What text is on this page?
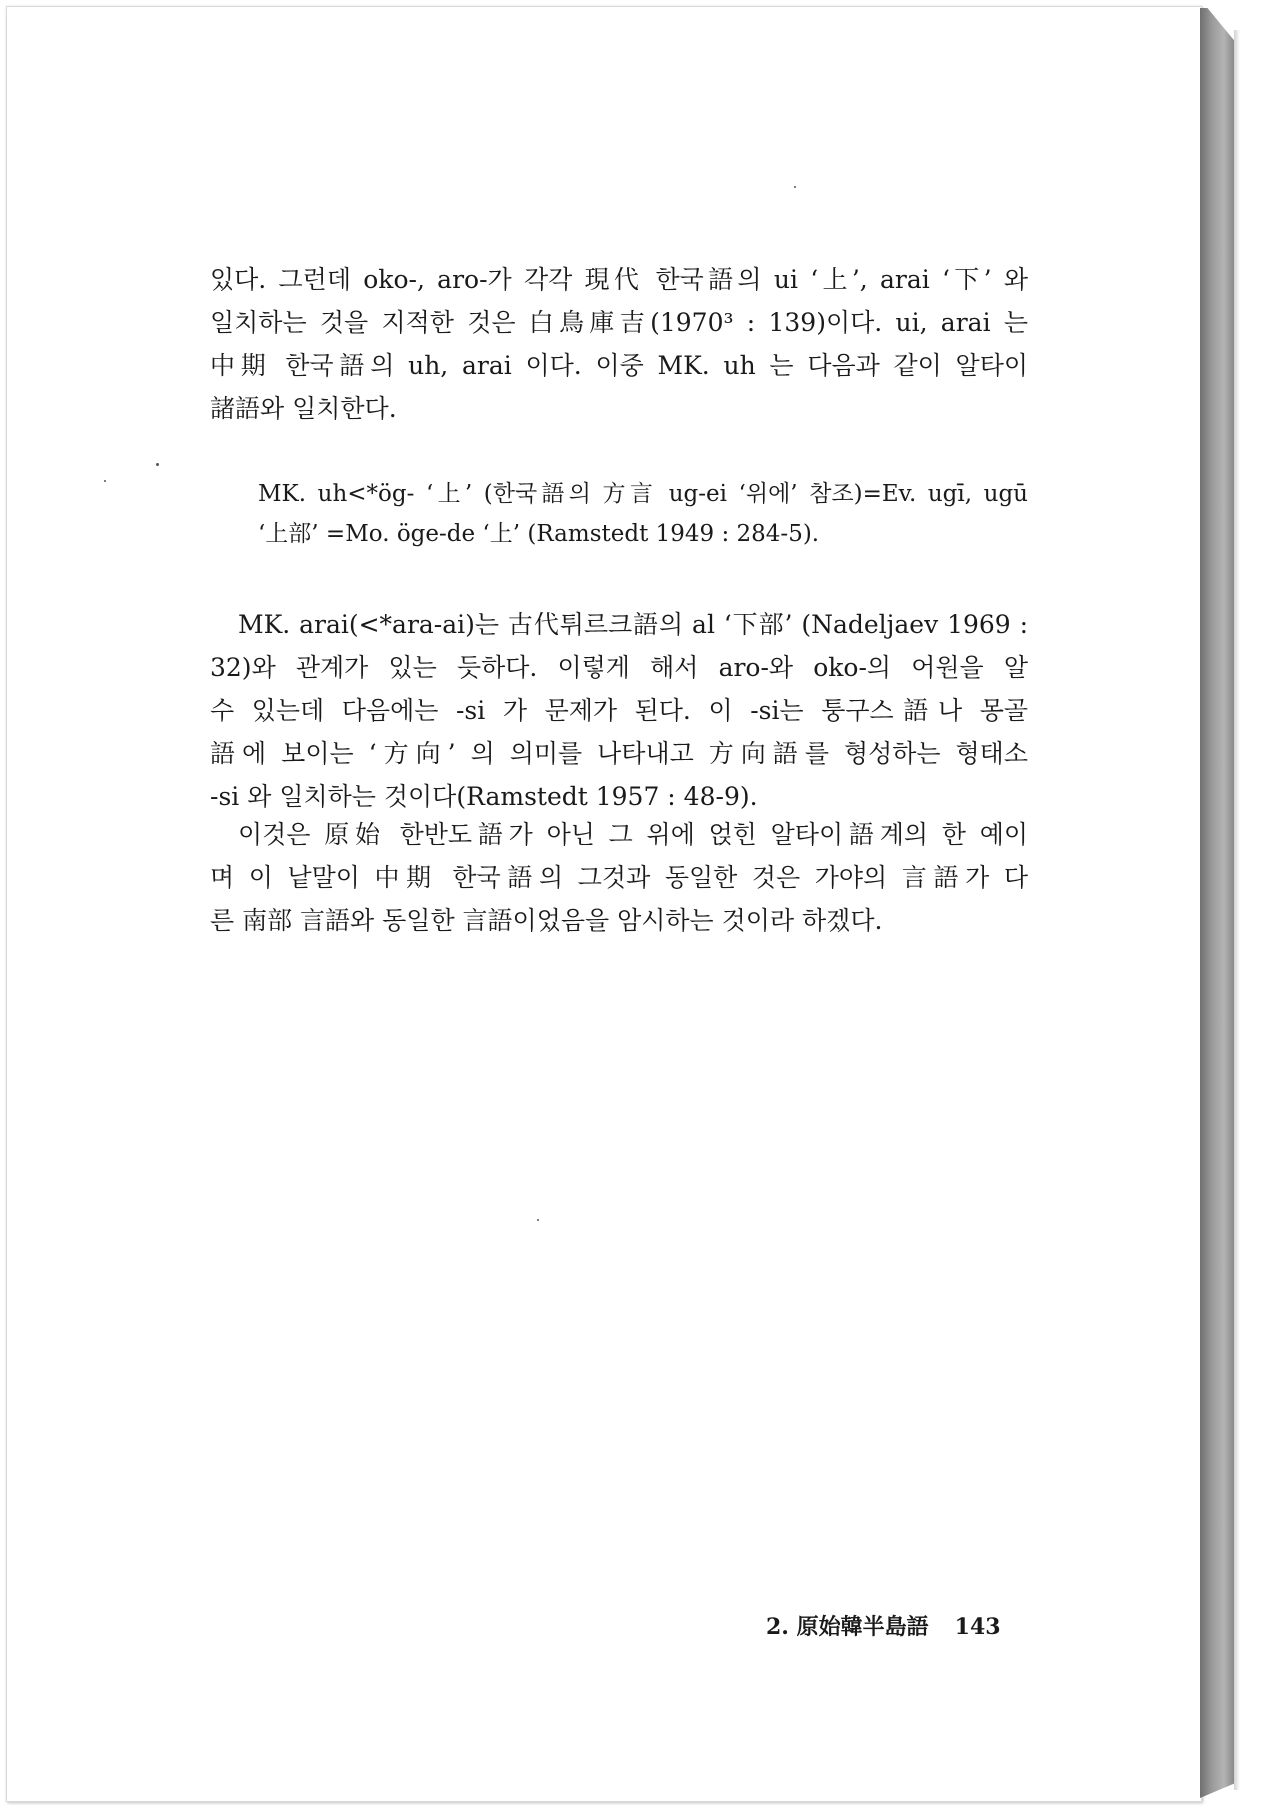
있다. 그런데 oko-, aro-가 각각 現代 한국語의 ui ‘上’, arai ‘下’ 와
일치하는 것을 지적한 것은 白鳥庫吉(1970³ : 139)이다. ui, arai 는
中期 한국語의 uh, arai 이다. 이중 MK. uh 는 다음과 같이 알타이
諸語와 일치한다.
MK. uh<*ög- ‘上’ (한국語의 方言 ug-ei ‘위에’ 참조)=Ev. ugī, ugū
‘上部’ =Mo. öge-de ‘上’ (Ramstedt 1949 : 284-5).
MK. arai(<*ara-ai)는 古代튀르크語의 al ‘下部’ (Nadeljaev 1969 :
32)와 관계가 있는 듯하다. 이렇게 해서 aro-와 oko-의 어원을 알
수 있는데 다음에는 -si 가 문제가 된다. 이 -si는 퉁구스語나 몽골
語에 보이는 ‘方向’ 의 의미를 나타내고 方向語를 형성하는 형태소
-si 와 일치하는 것이다(Ramstedt 1957 : 48-9).
이것은 原始 한반도語가 아닌 그 위에 얹힌 알타이語계의 한 예이
며 이 낱말이 中期 한국語의 그것과 동일한 것은 가야의 言語가 다
른 南部 言語와 동일한 言語이었음을 암시하는 것이라 하겠다.
2. 原始韓半島語 143
